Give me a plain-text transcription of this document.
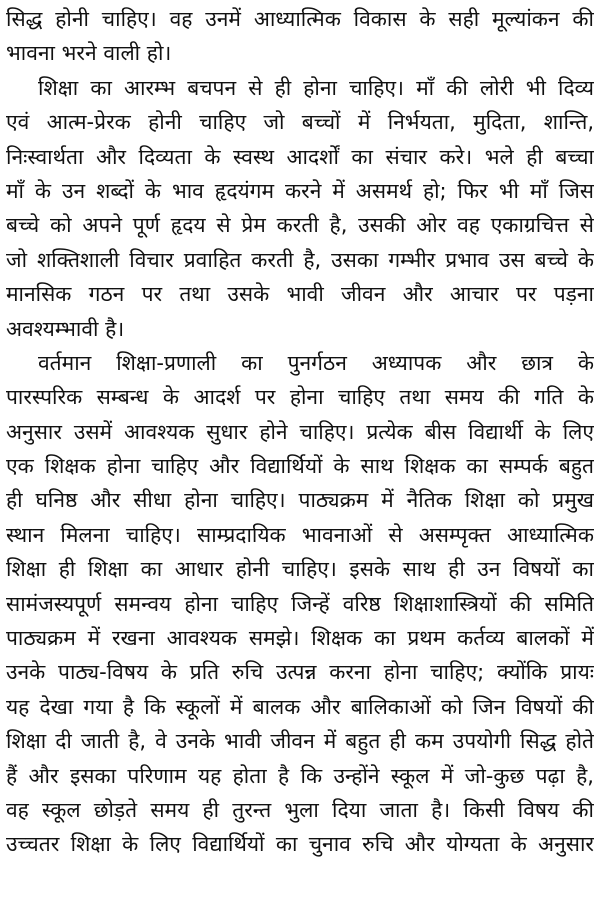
सिद्ध होनी चाहिए। वह उनमें आध्यात्मिक विकास के सही मूल्यांकन की
भावना भरने वाली हो।

शिक्षा का आरम्भ बचपन से ही होना चाहिए। माँ की लोरी भी दिव्य
एवं आत्म-प्रेरक होनी चाहिए जो बच्चों में निर्भयता, मुदिता, शान्ति,
निःस्वार्थता और दिव्यता के स्वस्थ आदर्शों का संचार करे। भले ही बच्चा
माँ के उन शब्दों के भाव हृदयंगम करने में असमर्थ हो; फिर भी माँ जिस
बच्चे को अपने पूर्ण हृदय से प्रेम करती है, उसकी ओर वह एकाग्रचित्त से
जो शक्तिशाली विचार प्रवाहित करती है, उसका गम्भीर प्रभाव उस बच्चे के
मानसिक गठन पर तथा उसके भावी जीवन और आचार पर पड़ना
अवश्यम्भावी है।

वर्तमान शिक्षा-प्रणाली का पुनर्गठन अध्यापक और छात्र के
पारस्परिक सम्बन्ध के आदर्श पर होना चाहिए तथा समय की गति के
अनुसार उसमें आवश्यक सुधार होने चाहिए। प्रत्येक बीस विद्यार्थी के लिए
एक शिक्षक होना चाहिए और विद्यार्थियों के साथ शिक्षक का सम्पर्क बहुत
ही घनिष्ठ और सीधा होना चाहिए। पाठ्यक्रम में नैतिक शिक्षा को प्रमुख
स्थान मिलना चाहिए। साम्प्रदायिक भावनाओं से असम्पृक्त आध्यात्मिक
शिक्षा ही शिक्षा का आधार होनी चाहिए। इसके साथ ही उन विषयों का
सामंजस्यपूर्ण समन्वय होना चाहिए जिन्हें वरिष्ठ शिक्षाशास्त्रियों की समिति
पाठ्यक्रम में रखना आवश्यक समझे। शिक्षक का प्रथम कर्तव्य बालकों में
उनके पाठ्य-विषय के प्रति रुचि उत्पन्न करना होना चाहिए; क्योंकि प्रायः
यह देखा गया है कि स्कूलों में बालक और बालिकाओं को जिन विषयों की
शिक्षा दी जाती है, वे उनके भावी जीवन में बहुत ही कम उपयोगी सिद्ध होते
हैं और इसका परिणाम यह होता है कि उन्होंने स्कूल में जो-कुछ पढ़ा है,
वह स्कूल छोड़ते समय ही तुरन्त भुला दिया जाता है। किसी विषय की
उच्चतर शिक्षा के लिए विद्यार्थियों का चुनाव रुचि और योग्यता के अनुसार
